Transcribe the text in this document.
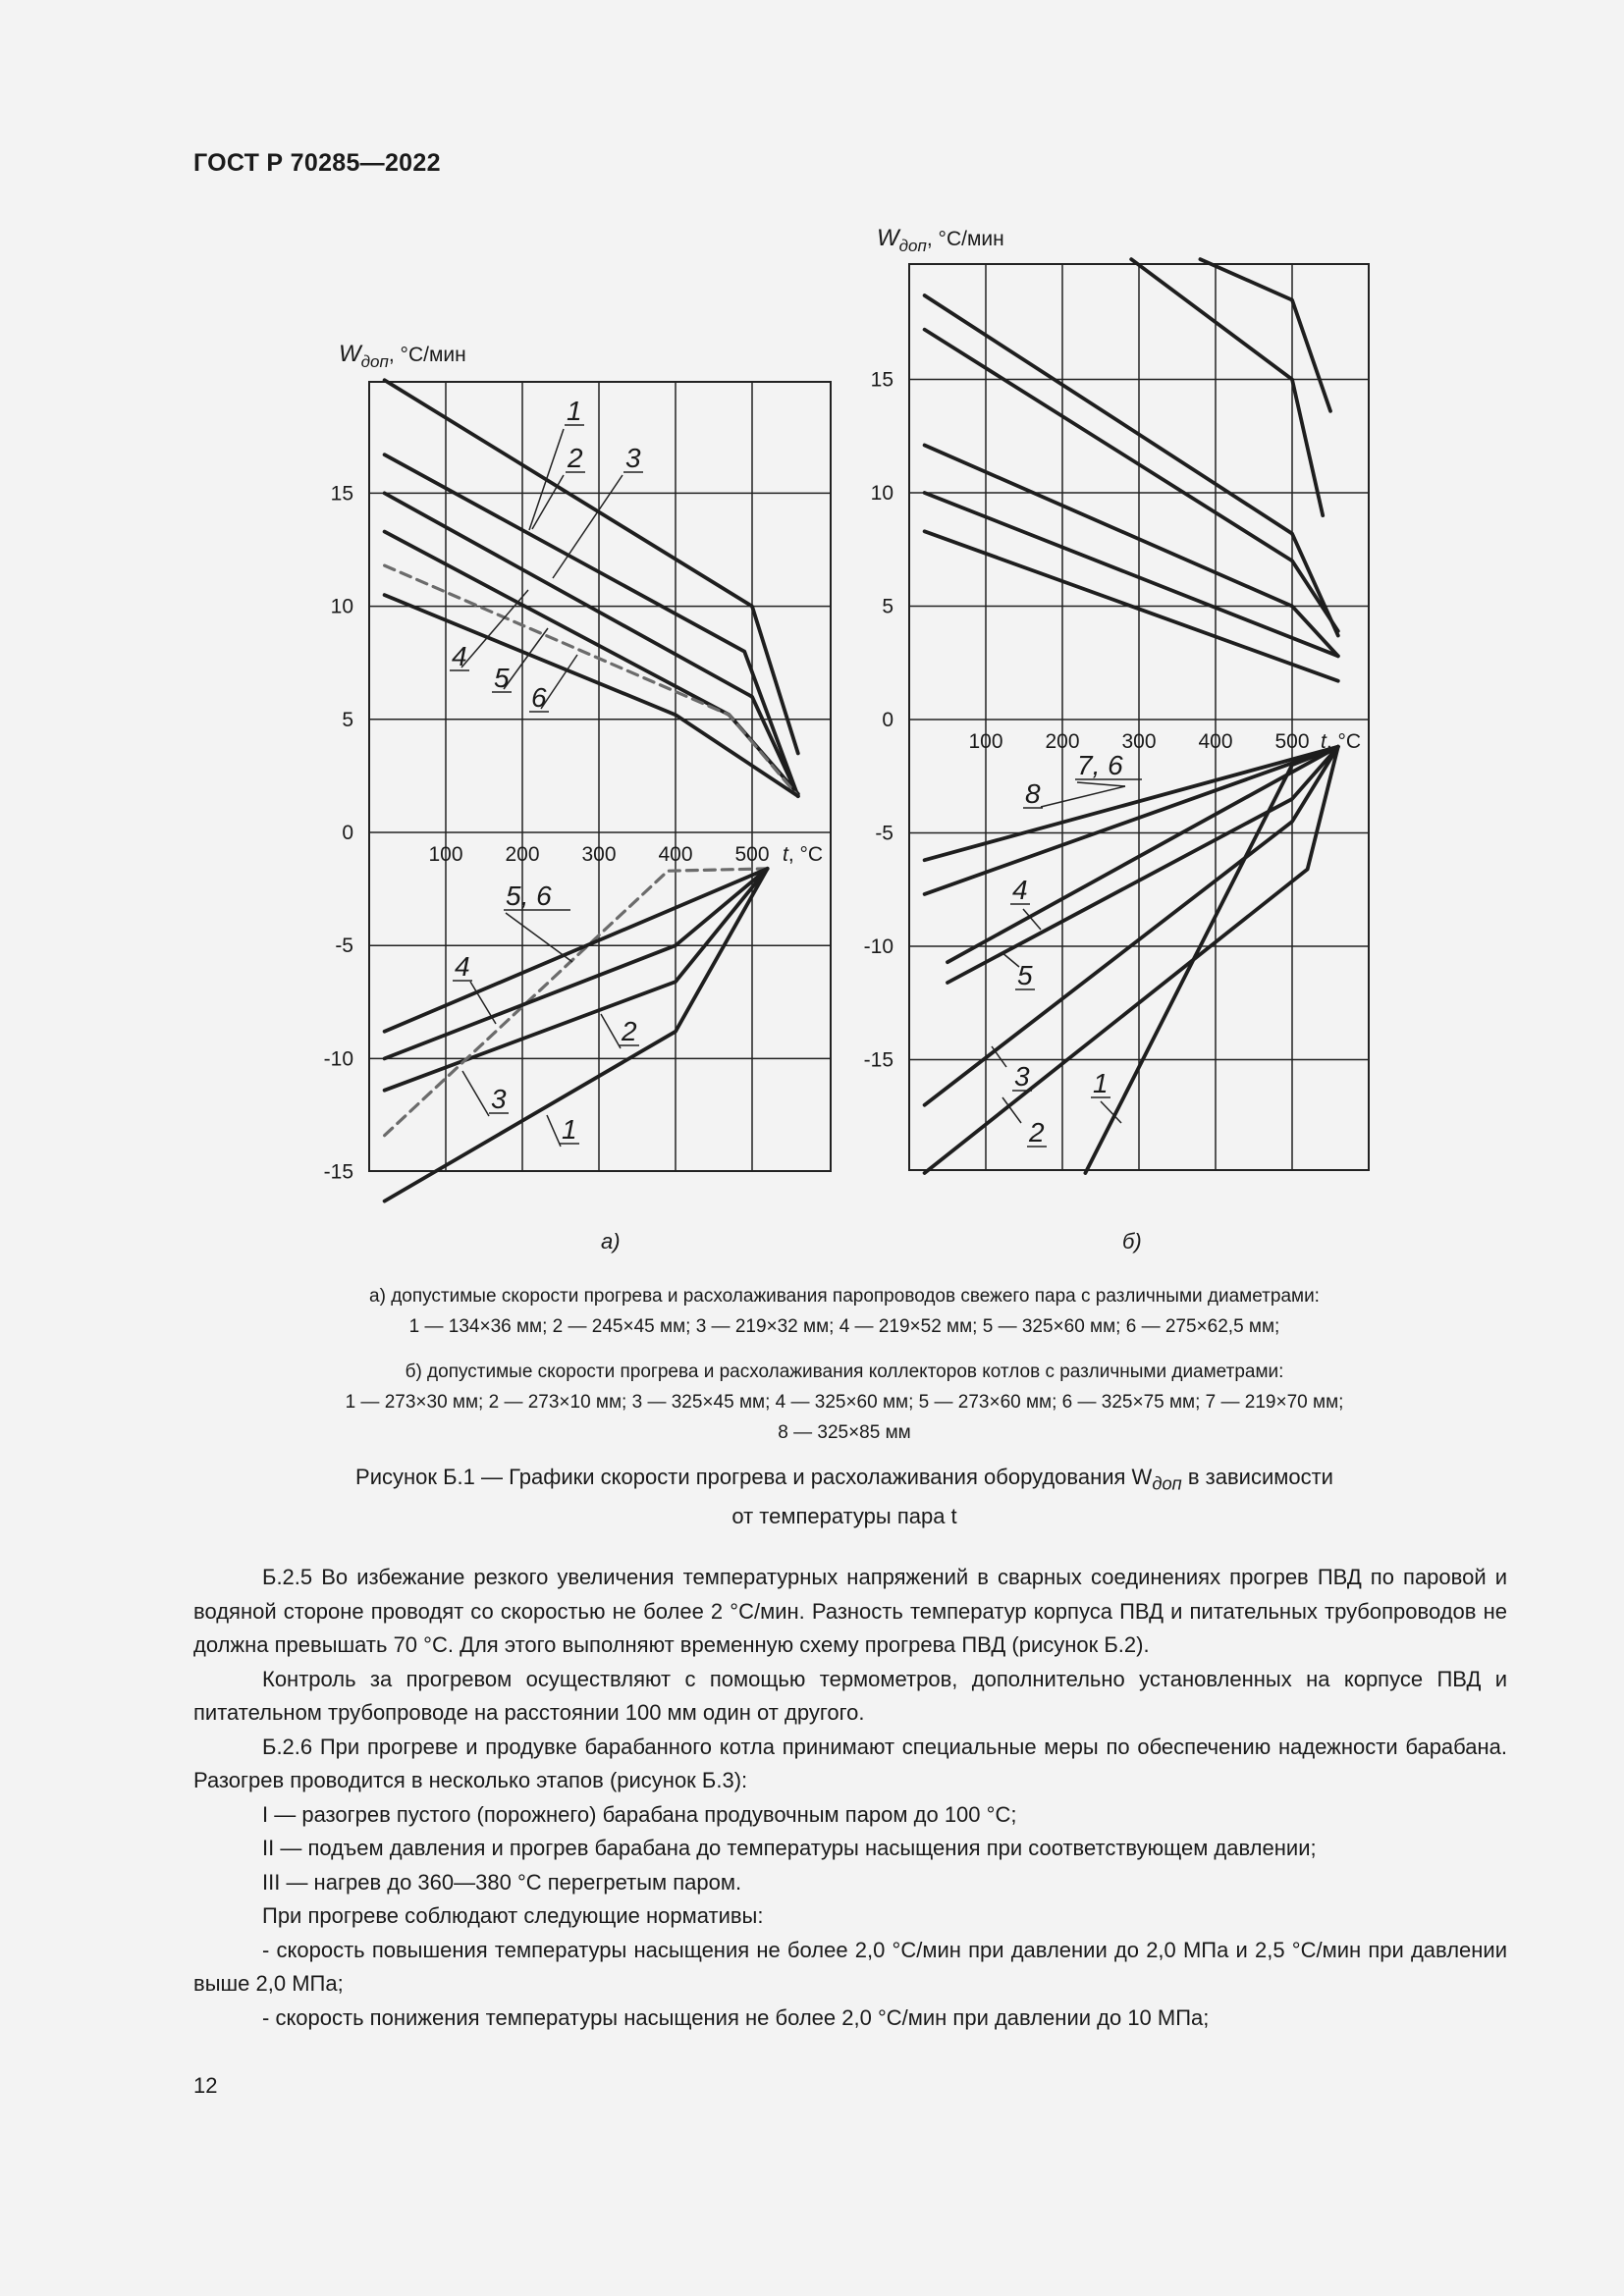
ГОСТ Р 70285—2022
15
10
5
0
-5
-10
-15
100 200 300 400 500 t, °С
$W_{доп}$, °С/мин
1
2 3
4
5
6
5, 6
4
2
3
1
15
10
5
0
-5
-10
-15
100 200 300 400 500 t, °С
$W_{доп}$, °С/мин
8
7, 6
4
5
3
2
1
а)	б)
а) допустимые скорости прогрева и расхолаживания паропроводов свежего пара с различными диаметрами:
1 — 134×36 мм; 2 — 245×45 мм; 3 — 219×32 мм; 4 — 219×52 мм; 5 — 325×60 мм; 6 — 275×62,5 мм;
б) допустимые скорости прогрева и расхолаживания коллекторов котлов с различными диаметрами:
1 — 273×30 мм; 2 — 273×10 мм; 3 — 325×45 мм; 4 — 325×60 мм; 5 — 273×60 мм; 6 — 325×75 мм; 7 — 219×70 мм;
8 — 325×85 мм
Рисунок Б.1 — Графики скорости прогрева и расхолаживания оборудования $W_{доп}$ в зависимости
от температуры пара t

Б.2.5 Во избежание резкого увеличения температурных напряжений в сварных соединениях прогрев ПВД по паровой и водяной стороне проводят со скоростью не более 2 °С/мин. Разность температур корпуса ПВД и питательных трубопроводов не должна превышать 70 °С. Для этого выполняют временную схему прогрева ПВД (рисунок Б.2).

Контроль за прогревом осуществляют с помощью термометров, дополнительно установленных на корпусе ПВД и питательном трубопроводе на расстоянии 100 мм один от другого.

Б.2.6 При прогреве и продувке барабанного котла принимают специальные меры по обеспечению надежности барабана. Разогрев проводится в несколько этапов (рисунок Б.3):

I — разогрев пустого (порожнего) барабана продувочным паром до 100 °С;

II — подъем давления и прогрев барабана до температуры насыщения при соответствующем давлении;

III — нагрев до 360—380 °С перегретым паром.

При прогреве соблюдают следующие нормативы:

- скорость повышения температуры насыщения не более 2,0 °С/мин при давлении до 2,0 МПа и 2,5 °С/мин при давлении выше 2,0 МПа;

- скорость понижения температуры насыщения не более 2,0 °С/мин при давлении до 10 МПа;

12
